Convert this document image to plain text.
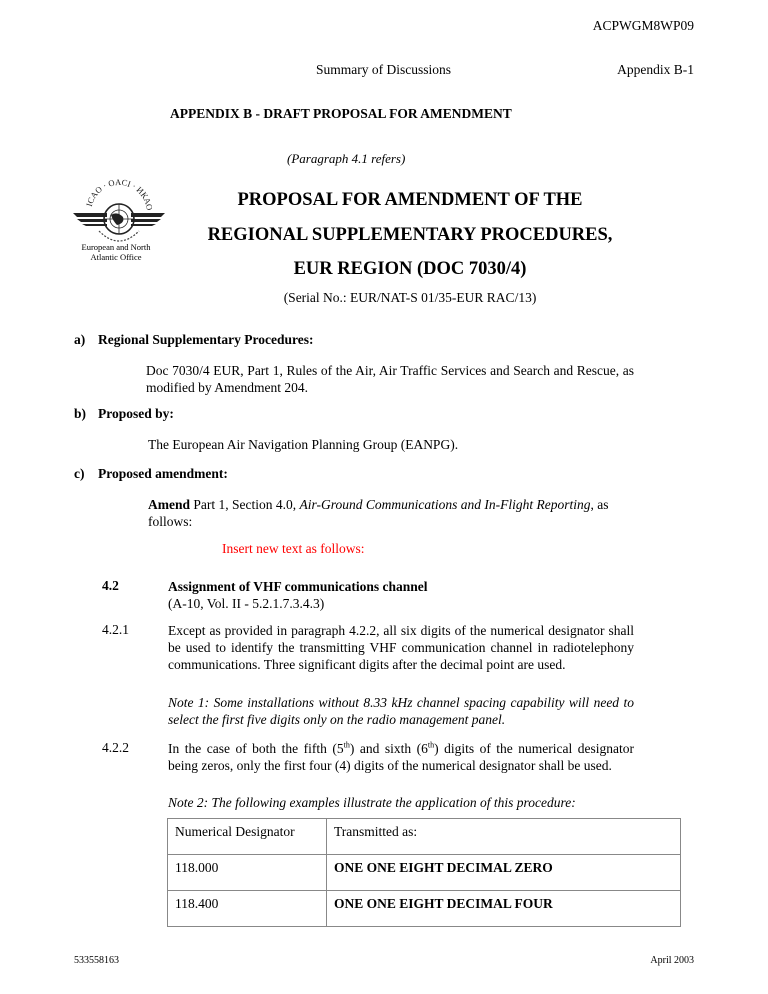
ACPWGM8WP09
Summary of Discussions	Appendix B-1
APPENDIX B - DRAFT PROPOSAL FOR AMENDMENT
(Paragraph 4.1 refers)
ICAO · OACI · ИКАО
European and North
Atlantic Office
PROPOSAL FOR AMENDMENT OF THE
REGIONAL SUPPLEMENTARY PROCEDURES,
EUR REGION (DOC 7030/4)
(Serial No.: EUR/NAT-S 01/35-EUR RAC/13)
a) Regional Supplementary Procedures:
Doc 7030/4 EUR, Part 1, Rules of the Air, Air Traffic Services and Search and Rescue, as modified by Amendment 204.
b) Proposed by:
The European Air Navigation Planning Group (EANPG).
c) Proposed amendment:
Amend Part 1, Section 4.0, Air-Ground Communications and In-Flight Reporting, as follows:
Insert new text as follows:
4.2	Assignment of VHF communications channel
(A-10, Vol. II - 5.2.1.7.3.4.3)
4.2.1	Except as provided in paragraph 4.2.2, all six digits of the numerical designator shall be used to identify the transmitting VHF communication channel in radiotelephony communications. Three significant digits after the decimal point are used.
Note 1: Some installations without 8.33 kHz channel spacing capability will need to select the first five digits only on the radio management panel.
4.2.2	In the case of both the fifth (5th) and sixth (6th) digits of the numerical designator being zeros, only the first four (4) digits of the numerical designator shall be used.
Note 2: The following examples illustrate the application of this procedure:
Numerical Designator	Transmitted as:
118.000	ONE ONE EIGHT DECIMAL ZERO
118.400	ONE ONE EIGHT DECIMAL FOUR
533558163	April 2003
